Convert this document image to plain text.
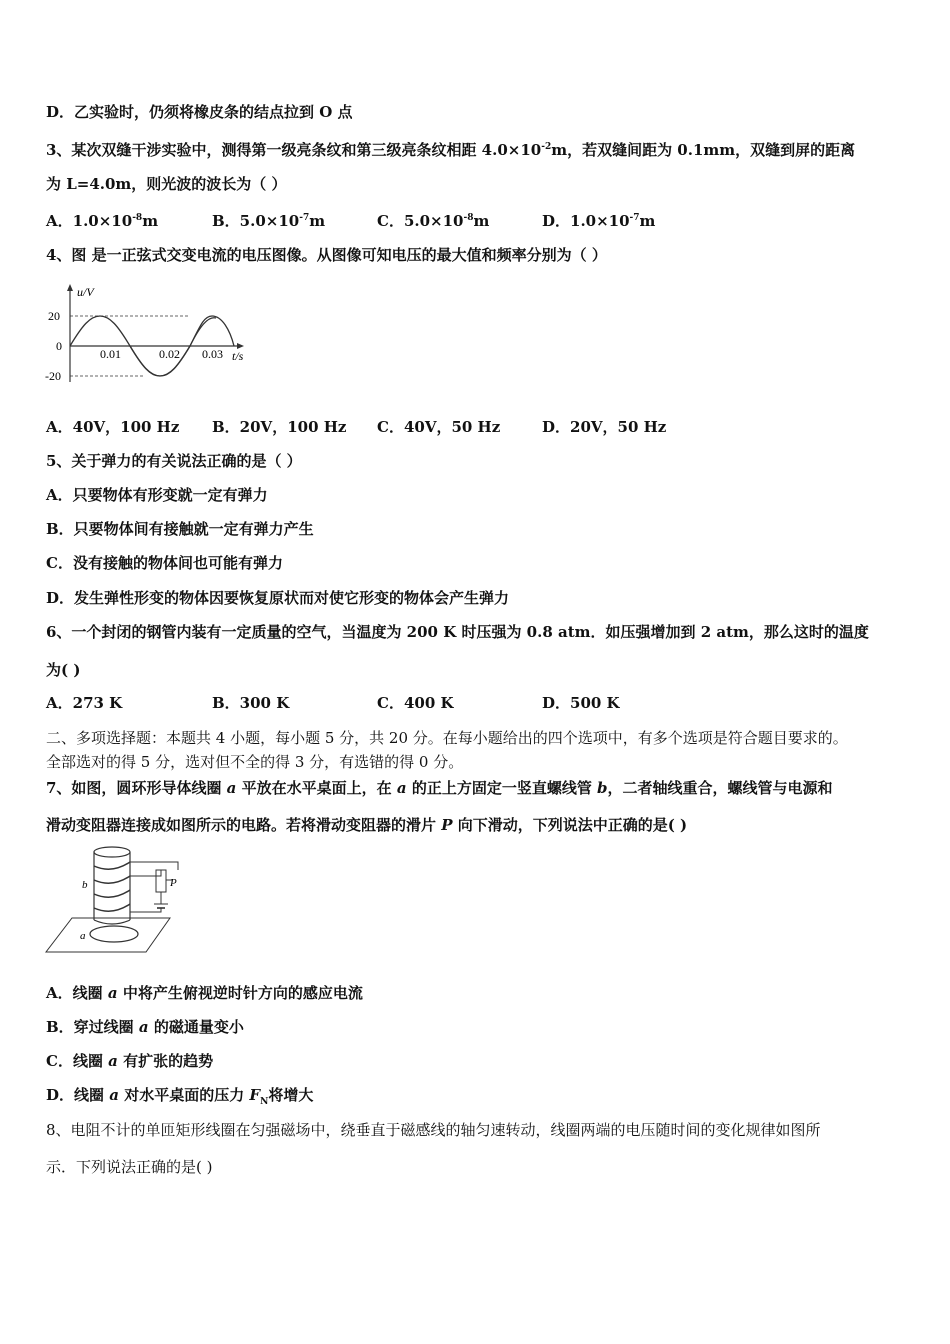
D．乙实验时，仍须将橡皮条的结点拉到 O 点
3、某次双缝干涉实验中，测得第一级亮条纹和第三级亮条纹相距 $4.0\times 10^{-2}m$，若双缝间距为 0.1mm，双缝到屏的距离
为 L=4.0m，则光波的波长为（ ）
A．$1.0\times 10^{-8}m$	B．$5.0\times 10^{-7}m$	C．$5.0\times 10^{-8}m$	D．$1.0\times 10^{-7}m$
4、图 是一正弦式交变电流的电压图像。从图像可知电压的最大值和频率分别为（ ）
u/V
20
0
-20
0.01	0.02 0.03 t/s
A．40V，100 Hz B．20V，100 Hz C．40V，50 Hz	D．20V，50 Hz
5、关于弹力的有关说法正确的是（ ）
A．只要物体有形变就一定有弹力
B．只要物体间有接触就一定有弹力产生
C．没有接触的物体间也可能有弹力
D．发生弹性形变的物体因要恢复原状而对使它形变的物体会产生弹力
6、一个封闭的钢管内装有一定质量的空气，当温度为 200 K 时压强为 0.8 atm．如压强增加到 2 atm，那么这时的温度
为( )
A．273 K	B．300 K	C．400 K	D．500 K
二、多项选择题：本题共 4 小题，每小题 5 分，共 20 分。在每小题给出的四个选项中，有多个选项是符合题目要求的。
全部选对的得 5 分，选对但不全的得 3 分，有选错的得 0 分。
7、如图，圆环形导体线圈 a 平放在水平桌面上，在 a 的正上方固定一竖直螺线管 b，二者轴线重合，螺线管与电源和
滑动变阻器连接成如图所示的电路。若将滑动变阻器的滑片 P 向下滑动，下列说法中正确的是( )
a
b	P
A．线圈 a 中将产生俯视逆时针方向的感应电流
B．穿过线圈 a 的磁通量变小
C．线圈 a 有扩张的趋势
D．线圈 a 对水平桌面的压力 $F_N$将增大
8、电阻不计的单匝矩形线圈在匀强磁场中，绕垂直于磁感线的轴匀速转动，线圈两端的电压随时间的变化规律如图所
示．下列说法正确的是( )
